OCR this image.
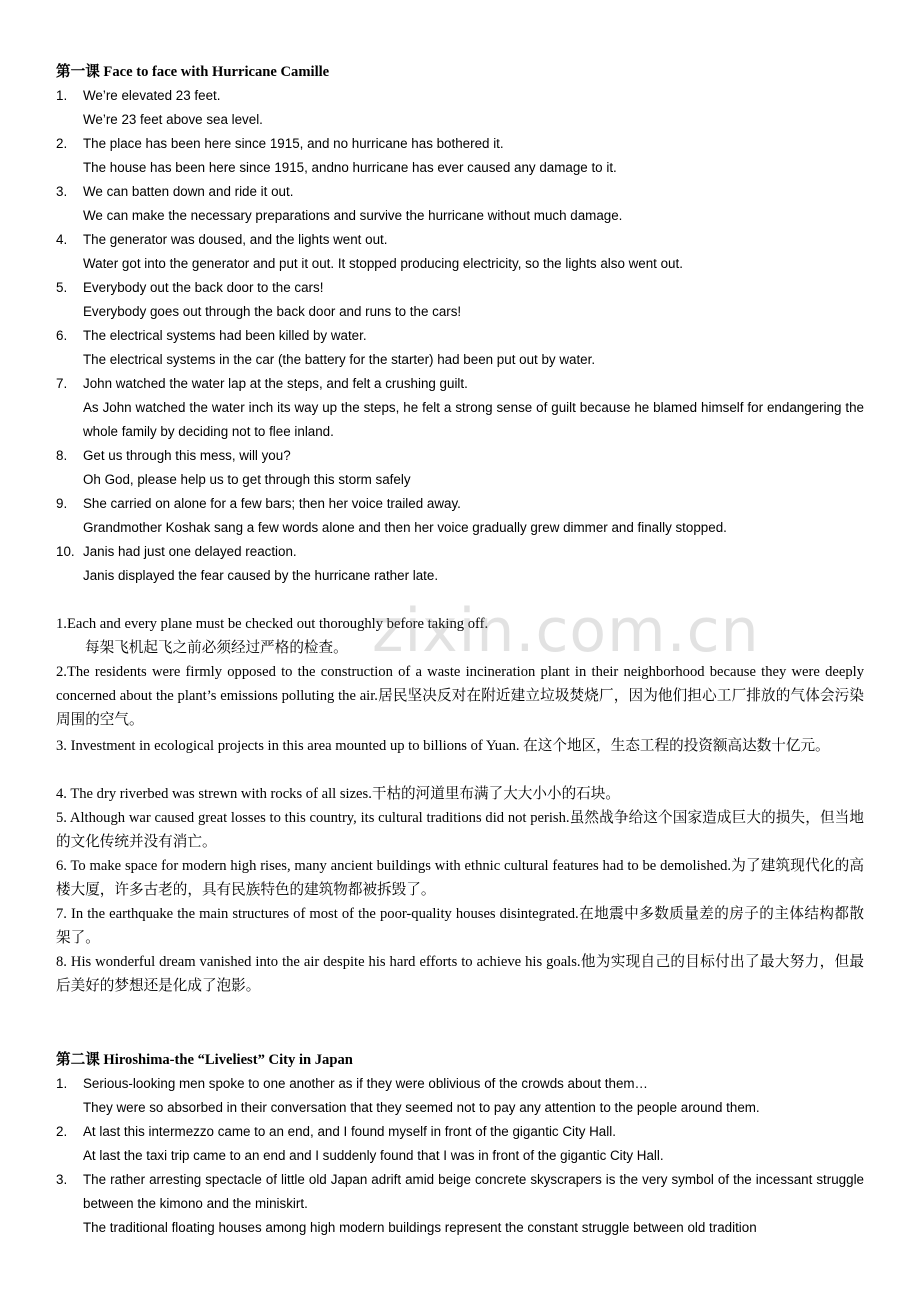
第一课 Face to face with Hurricane Camille
1.	We’re elevated 23 feet.
We’re 23 feet above sea level.
2.	The place has been here since 1915, and no hurricane has bothered it.
The house has been here since 1915, andno hurricane has ever caused any damage to it.
3.	We can batten down and ride it out.
We can make the necessary preparations and survive the hurricane without much damage.
4.	The generator was doused, and the lights went out.
Water got into the generator and put it out. It stopped producing electricity, so the lights also went out.
5.	Everybody out the back door to the cars!
Everybody goes out through the back door and runs to the cars!
6.	The electrical systems had been killed by water.
The electrical systems in the car (the battery for the starter) had been put out by water.
7.	John watched the water lap at the steps, and felt a crushing guilt.
As John watched the water inch its way up the steps, he felt a strong sense of guilt because he blamed himself for endangering the whole family by deciding not to flee inland.
8.	Get us through this mess, will you?
Oh God, please help us to get through this storm safely
9.	She carried on alone for a few bars; then her voice trailed away.
Grandmother Koshak sang a few words alone and then her voice gradually grew dimmer and finally stopped.
10. Janis had just one delayed reaction.
Janis displayed the fear caused by the hurricane rather late.
1.Each and every plane must be checked out thoroughly before taking off.
每架飞机起飞之前必须经过严格的检查。
2.The residents were firmly opposed to the construction of a waste incineration plant in their neighborhood because they were deeply concerned about the plant’s emissions polluting the air.居民坚决反对在附近建立垃圾焚烧厂，因为他们担心工厂排放的气体会污染周围的空气。
3. Investment in ecological projects in this area mounted up to billions of Yuan. 在这个地区，生态工程的投资额高达数十亿元。
4. The dry riverbed was strewn with rocks of all sizes.干枯的河道里布满了大大小小的石块。
5. Although war caused great losses to this country, its cultural traditions did not perish.虽然战争给这个国家造成巨大的损失，但当地的文化传统并没有消亡。
6. To make space for modern high rises, many ancient buildings with ethnic cultural features had to be demolished.为了建筑现代化的高楼大厦，许多古老的，具有民族特色的建筑物都被拆毁了。
7. In the earthquake the main structures of most of the poor-quality houses disintegrated.在地震中多数质量差的房子的主体结构都散架了。
8. His wonderful dream vanished into the air despite his hard efforts to achieve his goals.他为实现自己的目标付出了最大努力，但最后美好的梦想还是化成了泡影。
第二课 Hiroshima-the “Liveliest” City in Japan
1.	Serious-looking men spoke to one another as if they were oblivious of the crowds about them…
They were so absorbed in their conversation that they seemed not to pay any attention to the people around them.
2.	At last this intermezzo came to an end, and I found myself in front of the gigantic City Hall.
At last the taxi trip came to an end and I suddenly found that I was in front of the gigantic City Hall.
3.	The rather arresting spectacle of little old Japan adrift amid beige concrete skyscrapers is the very symbol of the incessant struggle between the kimono and the miniskirt.
The traditional floating houses among high modern buildings represent the constant struggle between old tradition
zixin.com.cn
